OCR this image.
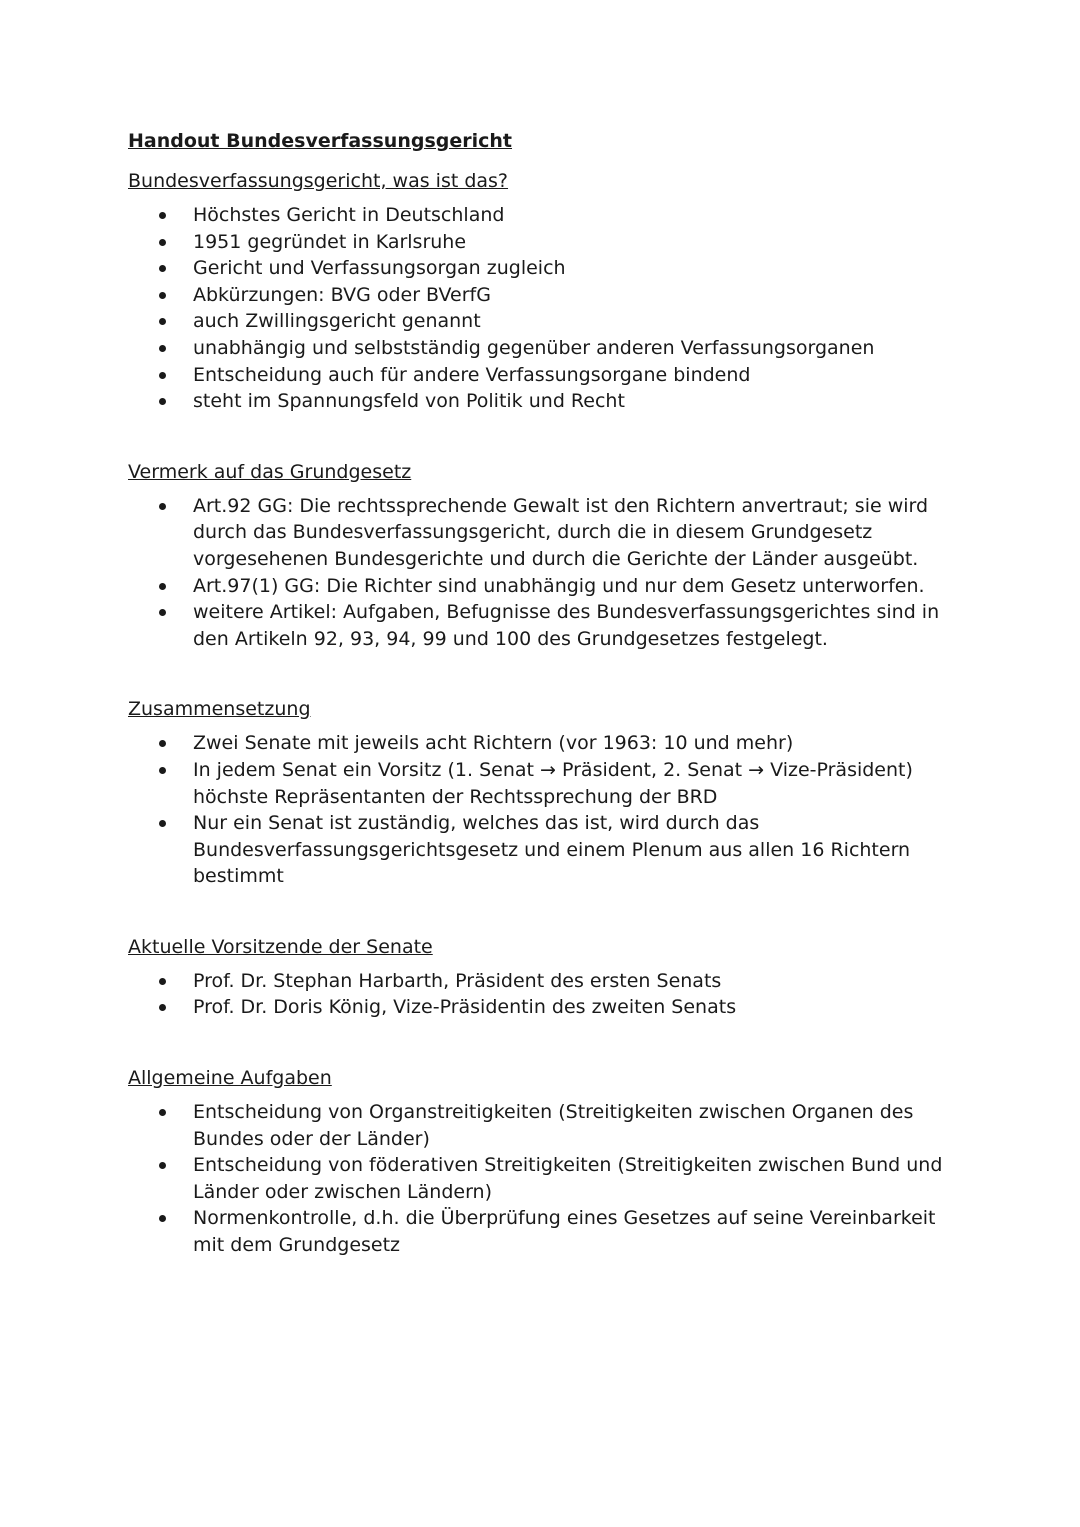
Handout Bundesverfassungsgericht
Bundesverfassungsgericht, was ist das?
Höchstes Gericht in Deutschland
1951 gegründet in Karlsruhe
Gericht und Verfassungsorgan zugleich
Abkürzungen: BVG oder BVerfG
auch Zwillingsgericht genannt
unabhängig und selbstständig gegenüber anderen Verfassungsorganen
Entscheidung auch für andere Verfassungsorgane bindend
steht im Spannungsfeld von Politik und Recht
Vermerk auf das Grundgesetz
Art.92 GG: Die rechtssprechende Gewalt ist den Richtern anvertraut; sie wird durch das Bundesverfassungsgericht, durch die in diesem Grundgesetz vorgesehenen Bundesgerichte und durch die Gerichte der Länder ausgeübt.
Art.97(1) GG: Die Richter sind unabhängig und nur dem Gesetz unterworfen.
weitere Artikel: Aufgaben, Befugnisse des Bundesverfassungsgerichtes sind in den Artikeln 92, 93, 94, 99 und 100 des Grundgesetzes festgelegt.
Zusammensetzung
Zwei Senate mit jeweils acht Richtern (vor 1963: 10 und mehr)
In jedem Senat ein Vorsitz (1. Senat → Präsident, 2. Senat → Vize-Präsident) höchste Repräsentanten der Rechtssprechung der BRD
Nur ein Senat ist zuständig, welches das ist, wird durch das Bundesverfassungsgerichtsgesetz und einem Plenum aus allen 16 Richtern bestimmt
Aktuelle Vorsitzende der Senate
Prof. Dr. Stephan Harbarth, Präsident des ersten Senats
Prof. Dr. Doris König, Vize-Präsidentin des zweiten Senats
Allgemeine Aufgaben
Entscheidung von Organstreitigkeiten (Streitigkeiten zwischen Organen des Bundes oder der Länder)
Entscheidung von föderativen Streitigkeiten (Streitigkeiten zwischen Bund und Länder oder zwischen Ländern)
Normenkontrolle, d.h. die Überprüfung eines Gesetzes auf seine Vereinbarkeit mit dem Grundgesetz
